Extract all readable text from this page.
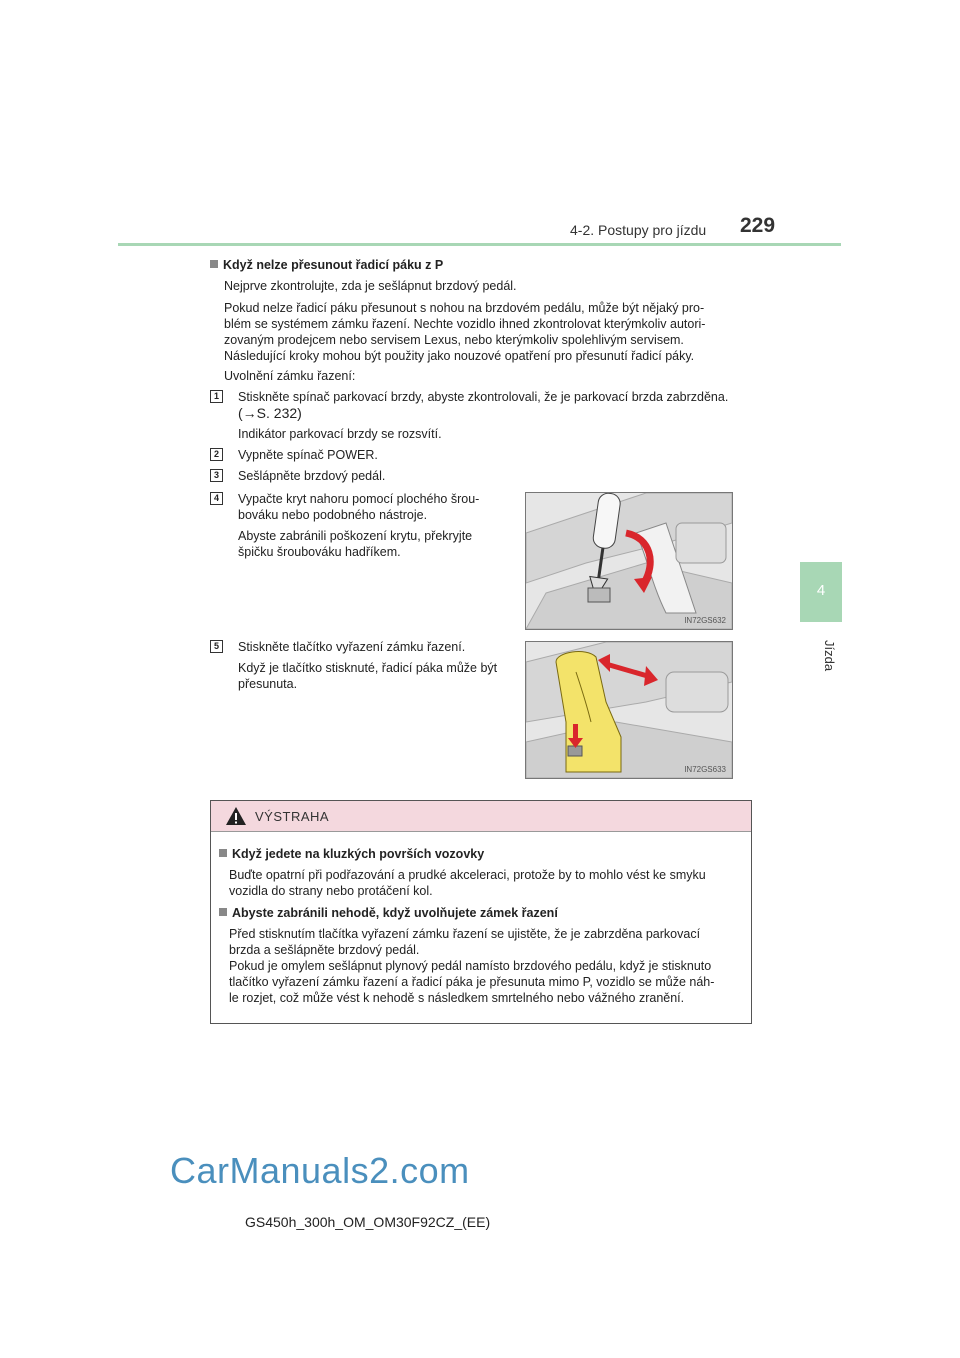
4-2. Postupy pro jízdu 229
4
Jízda
Když nelze přesunout řadicí páku z P
Nejprve zkontrolujte, zda je sešlápnut brzdový pedál.
Pokud nelze řadicí páku přesunout s nohou na brzdovém pedálu, může být nějaký pro-
blém se systémem zámku řazení. Nechte vozidlo ihned zkontrolovat kterýmkoliv autori-
zovaným prodejcem nebo servisem Lexus, nebo kterýmkoliv spolehlivým servisem.
Následující kroky mohou být použity jako nouzové opatření pro přesunutí řadicí páky.
Uvolnění zámku řazení:
1	Stiskněte spínač parkovací brzdy, abyste zkontrolovali, že je parkovací brzda zabrzděna.
(→S. 232)
Indikátor parkovací brzdy se rozsvítí.
2	Vypněte spínač POWER.
3	Sešlápněte brzdový pedál.
4	Vypačte kryt nahoru pomocí plochého šrou-
bováku nebo podobného nástroje.
Abyste zabránili poškození krytu, překryjte
špičku šroubováku hadříkem.
IN72GS632
5	Stiskněte tlačítko vyřazení zámku řazení.
Když je tlačítko stisknuté, řadicí páka může být
přesunuta.
IN72GS633
VÝSTRAHA
Když jedete na kluzkých površích vozovky
Buďte opatrní při podřazování a prudké akceleraci, protože by to mohlo vést ke smyku
vozidla do strany nebo protáčení kol.
Abyste zabránili nehodě, když uvolňujete zámek řazení
Před stisknutím tlačítka vyřazení zámku řazení se ujistěte, že je zabrzděna parkovací
brzda a sešlápněte brzdový pedál.
Pokud je omylem sešlápnut plynový pedál namísto brzdového pedálu, když je stisknuto
tlačítko vyřazení zámku řazení a řadicí páka je přesunuta mimo P, vozidlo se může náh-
le rozjet, což může vést k nehodě s následkem smrtelného nebo vážného zranění.
CarManuals2.com
GS450h_300h_OM_OM30F92CZ_(EE)
